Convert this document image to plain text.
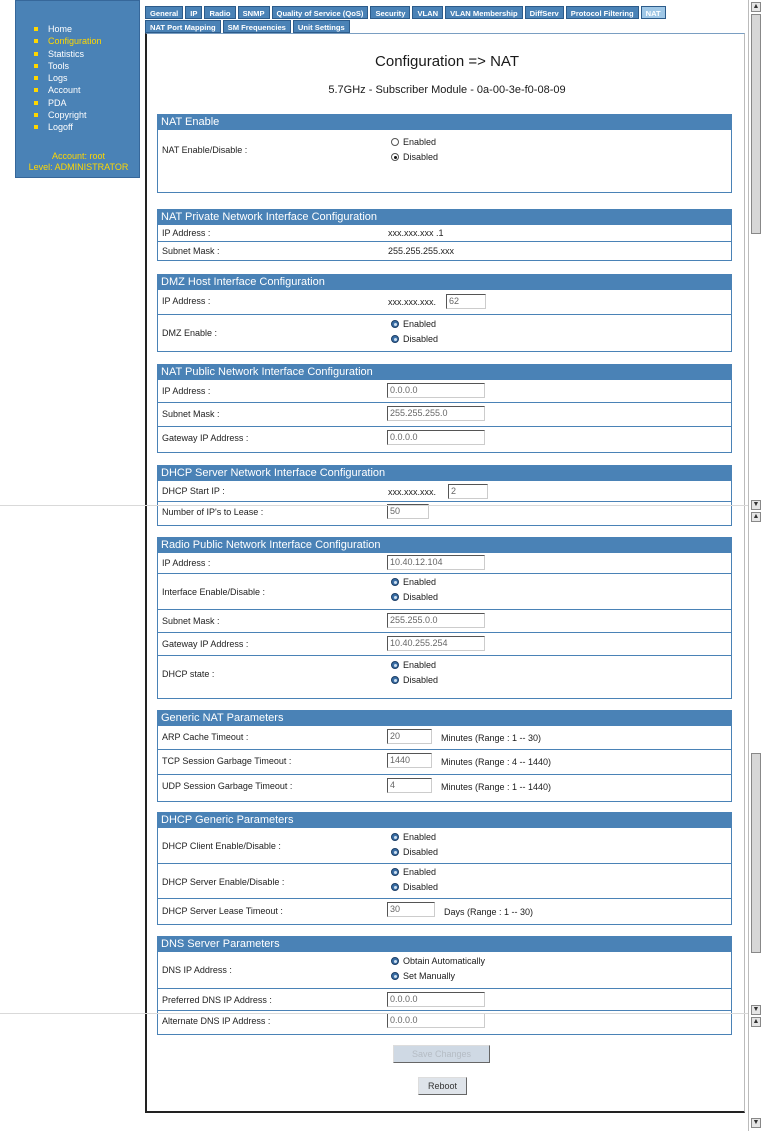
Home
Configuration
Statistics
Tools
Logs
Account
PDA
Copyright
Logoff
Account: root
Level: ADMINISTRATOR
General	IP	Radio	SNMP	Quality of Service (QoS)	Security	VLAN	VLAN Membership	DiffServ	Protocol Filtering	NAT
NAT Port Mapping	SM Frequencies	Unit Settings
Configuration => NAT
5.7GHz - Subscriber Module - 0a-00-3e-f0-08-09
NAT Enable
NAT Enable/Disable :
Enabled
Disabled
NAT Private Network Interface Configuration
IP Address :	xxx.xxx.xxx .1
Subnet Mask :	255.255.255.xxx
DMZ Host Interface Configuration
IP Address :	xxx.xxx.xxx.	62
DMZ Enable :
Enabled
Disabled
NAT Public Network Interface Configuration
IP Address :	0.0.0.0
Subnet Mask :	255.255.255.0
Gateway IP Address :	0.0.0.0
DHCP Server Network Interface Configuration
DHCP Start IP :	xxx.xxx.xxx.	2
Number of IP's to Lease :	50
Radio Public Network Interface Configuration
IP Address :	10.40.12.104
Interface Enable/Disable :
Enabled
Disabled
Subnet Mask :	255.255.0.0
Gateway IP Address :	10.40.255.254
DHCP state :
Enabled
Disabled
Generic NAT Parameters
ARP Cache Timeout :	20	Minutes (Range : 1 -- 30)
TCP Session Garbage Timeout :	1440	Minutes (Range : 4 -- 1440)
UDP Session Garbage Timeout :	4	Minutes (Range : 1 -- 1440)
DHCP Generic Parameters
DHCP Client Enable/Disable :
Enabled
Disabled
DHCP Server Enable/Disable :
Enabled
Disabled
DHCP Server Lease Timeout :	30	Days (Range : 1 -- 30)
DNS Server Parameters
DNS IP Address :
Obtain Automatically
Set Manually
Preferred DNS IP Address :	0.0.0.0
Alternate DNS IP Address :	0.0.0.0
Save Changes
Reboot
▲
▼
▲
▼
▲
▼
